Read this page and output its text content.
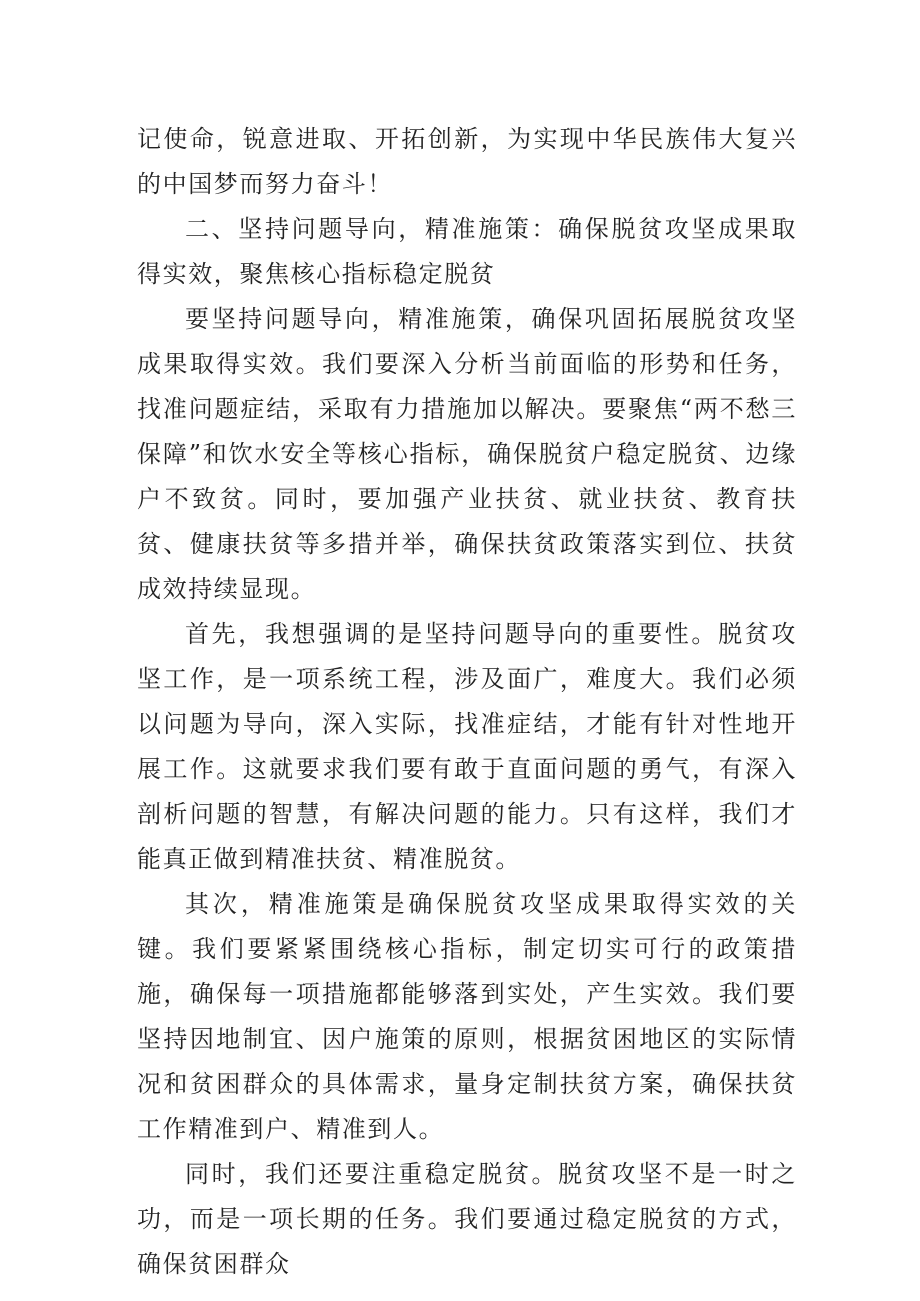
记使命，锐意进取、开拓创新，为实现中华民族伟大复兴的中国梦而努力奋斗！

二、坚持问题导向，精准施策：确保脱贫攻坚成果取得实效，聚焦核心指标稳定脱贫

要坚持问题导向，精准施策，确保巩固拓展脱贫攻坚成果取得实效。我们要深入分析当前面临的形势和任务，找准问题症结，采取有力措施加以解决。要聚焦“两不愁三保障”和饮水安全等核心指标，确保脱贫户稳定脱贫、边缘户不致贫。同时，要加强产业扶贫、就业扶贫、教育扶贫、健康扶贫等多措并举，确保扶贫政策落实到位、扶贫成效持续显现。

首先，我想强调的是坚持问题导向的重要性。脱贫攻坚工作，是一项系统工程，涉及面广，难度大。我们必须以问题为导向，深入实际，找准症结，才能有针对性地开展工作。这就要求我们要有敢于直面问题的勇气，有深入剖析问题的智慧，有解决问题的能力。只有这样，我们才能真正做到精准扶贫、精准脱贫。

其次，精准施策是确保脱贫攻坚成果取得实效的关键。我们要紧紧围绕核心指标，制定切实可行的政策措施，确保每一项措施都能够落到实处，产生实效。我们要坚持因地制宜、因户施策的原则，根据贫困地区的实际情况和贫困群众的具体需求，量身定制扶贫方案，确保扶贫工作精准到户、精准到人。

同时，我们还要注重稳定脱贫。脱贫攻坚不是一时之功，而是一项长期的任务。我们要通过稳定脱贫的方式，确保贫困群众
